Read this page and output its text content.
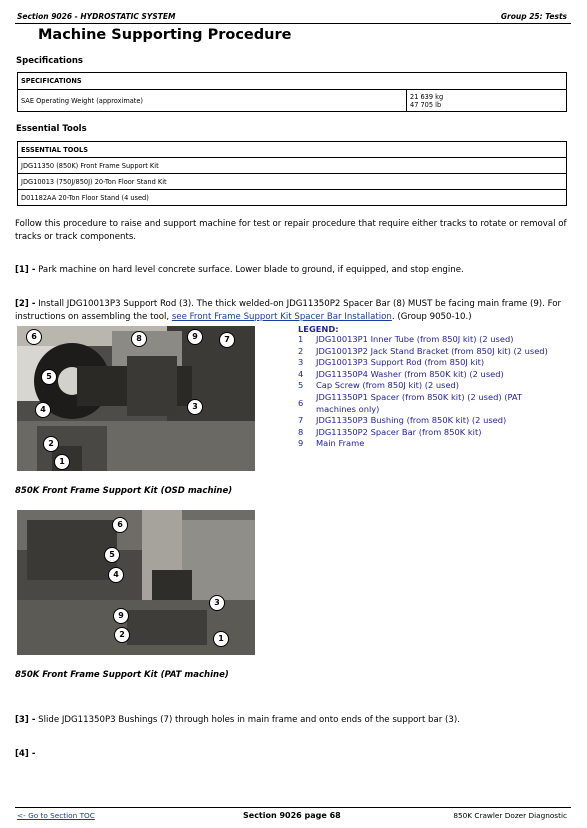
Section 9026 - HYDROSTATIC SYSTEM	Group 25: Tests
Machine Supporting Procedure
Specifications
SPECIFICATIONS
SAE Operating Weight (approximate)	21 639 kg
47 705 lb
Essential Tools
ESSENTIAL TOOLS
JDG11350 (850K) Front Frame Support Kit
JDG10013 (750J/850J) 20-Ton Floor Stand Kit
D01182AA 20-Ton Floor Stand (4 used)
Follow this procedure to raise and support machine for test or repair procedure that require either tracks to rotate or removal of tracks or track components.
[1] - Park machine on hard level concrete surface. Lower blade to ground, if equipped, and stop engine.
[2] - Install JDG10013P3 Support Rod (3). The thick welded-on JDG11350P2 Spacer Bar (8) MUST be facing main frame (9). For instructions on assembling the tool, see Front Frame Support Kit Spacer Bar Installation. (Group 9050-10.)
6	8	9	7
5
3
4
2
1
LEGEND:
1	JDG10013P1 Inner Tube (from 850J kit) (2 used)
2	JDG10013P2 Jack Stand Bracket (from 850J kit) (2 used)
3	JDG10013P3 Support Rod (from 850J kit)
4	JDG11350P4 Washer (from 850K kit) (2 used)
5	Cap Screw (from 850J kit) (2 used)
6	JDG11350P1 Spacer (from 850K kit) (2 used) (PAT machines only)
7	JDG11350P3 Bushing (from 850K kit) (2 used)
8	JDG11350P2 Spacer Bar (from 850K kit)
9	Main Frame
850K Front Frame Support Kit (OSD machine)
6
5
4
9
3
2	1
850K Front Frame Support Kit (PAT machine)
[3] - Slide JDG11350P3 Bushings (7) through holes in main frame and onto ends of the support bar (3).
[4] -
<- Go to Section TOC	Section 9026 page 68	850K Crawler Dozer Diagnostic
